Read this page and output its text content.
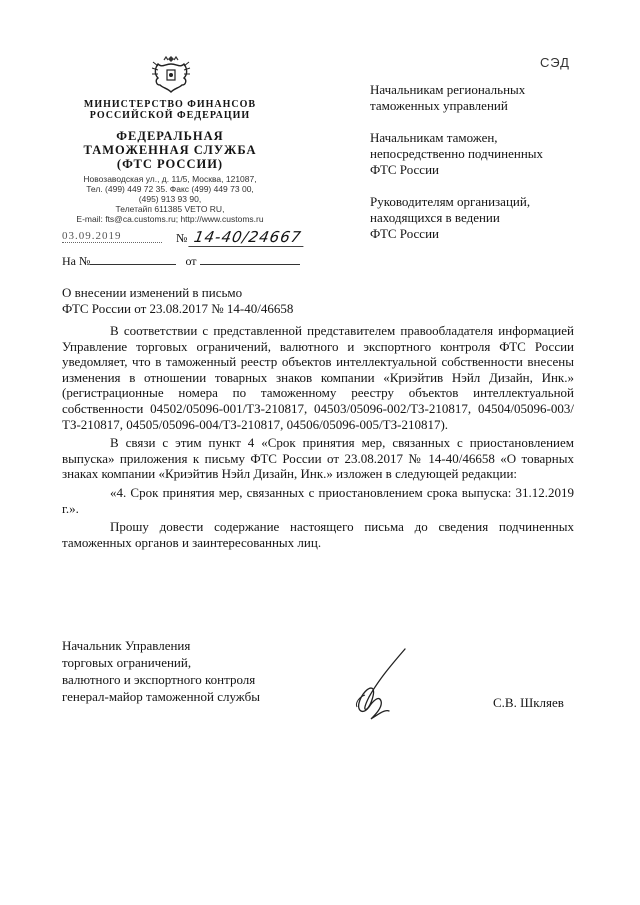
СЭД
МИНИСТЕРСТВО ФИНАНСОВ
РОССИЙСКОЙ ФЕДЕРАЦИИ
ФЕДЕРАЛЬНАЯ
ТАМОЖЕННАЯ СЛУЖБА
(ФТС РОССИИ)
Новозаводская ул., д. 11/5, Москва, 121087,
Тел. (499) 449 72 35. Факс (499) 449 73 00,
(495) 913 93 90,
Телетайп 611385 VETO RU,
E-mail: fts@ca.customs.ru; http://www.customs.ru
03.09.2019	№ 14-40/24667
На №	от
Начальникам региональных
таможенных управлений
Начальникам таможен,
непосредственно подчиненных
ФТС России
Руководителям организаций,
находящихся в ведении
ФТС России
О внесении изменений в письмо
ФТС России от 23.08.2017 № 14-40/46658

В соответствии с представленной представителем правообладателя информацией Управление торговых ограничений, валютного и экспортного контроля ФТС России уведомляет, что в таможенный реестр объектов интеллектуальной собственности внесены изменения в отношении товарных знаков компании «Криэйтив Нэйл Дизайн, Инк.» (регистрационные номера по таможенному реестру объектов интеллектуальной собственности 04502/05096-001/ТЗ-210817, 04503/05096-002/ТЗ-210817, 04504/05096-003/ТЗ-210817, 04505/05096-004/ТЗ-210817, 04506/05096-005/ТЗ-210817).

В связи с этим пункт 4 «Срок принятия мер, связанных с приостановлением выпуска» приложения к письму ФТС России от 23.08.2017 № 14-40/46658 «О товарных знаках компании «Криэйтив Нэйл Дизайн, Инк.» изложен в следующей редакции:

«4. Срок принятия мер, связанных с приостановлением срока выпуска: 31.12.2019 г.».

Прошу довести содержание настоящего письма до сведения подчиненных таможенных органов и заинтересованных лиц.

Начальник Управления
торговых ограничений,
валютного и экспортного контроля
генерал-майор таможенной службы	С.В. Шкляев
